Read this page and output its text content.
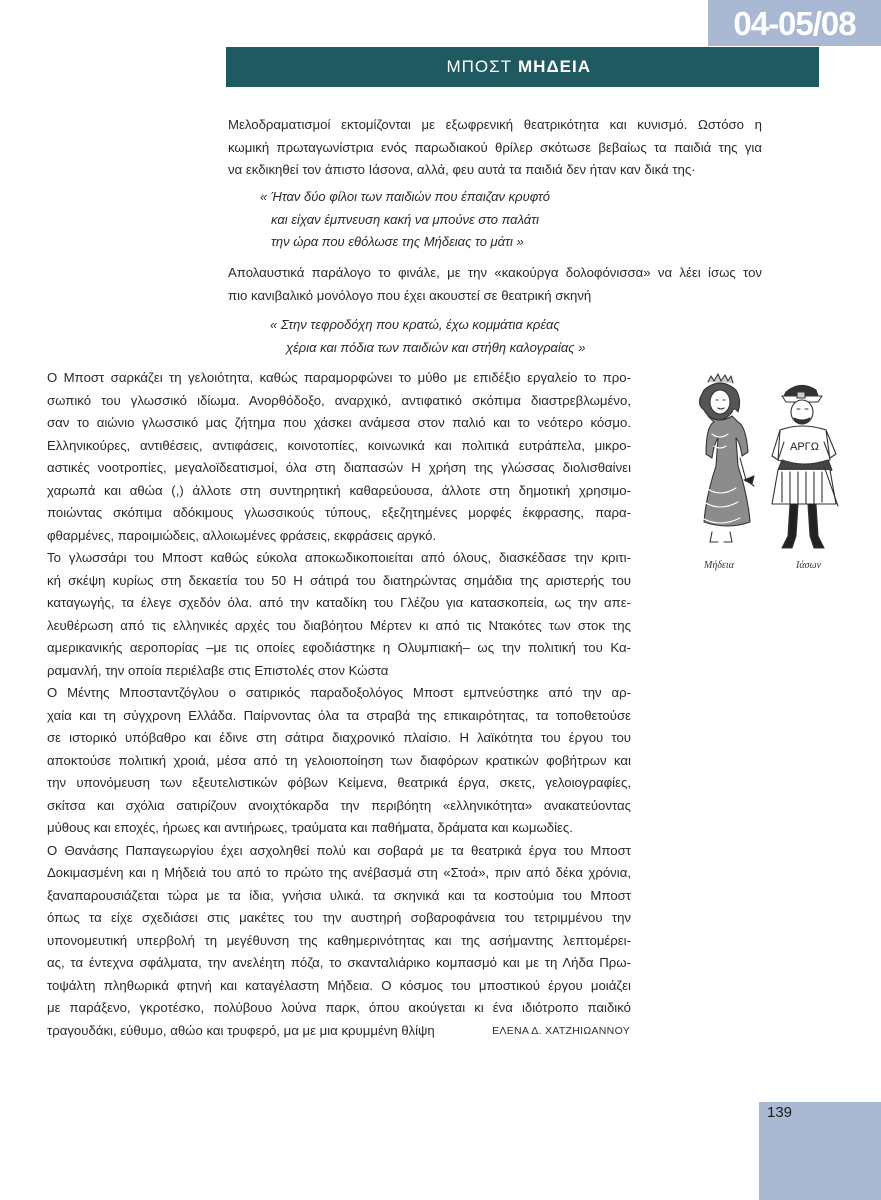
04-05/08
ΜΠΟΣΤ ΜΗΔΕΙΑ
Μελοδραματισμοί εκτομίζονται με εξωφρενική θεατρικότητα και κυνισμό. Ωστόσο η
κωμική πρωταγωνίστρια ενός παρωδιακού θρίλερ σκότωσε βεβαίως τα παιδιά της για
να εκδικηθεί τον άπιστο Ιάσονα, αλλά, φευ αυτά τα παιδιά δεν ήταν καν δικά της·
« Ήταν δύο φίλοι των παιδιών που έπαιζαν κρυφτό
και είχαν έμπνευση κακή να μπούνε στο παλάτι
την ώρα που εθόλωσε της Μήδειας το μάτι »
Απολαυστικά παράλογο το φινάλε, με την «κακούργα δολοφόνισσα» να λέει ίσως τον
πιο κανιβαλικό μονόλογο που έχει ακουστεί σε θεατρική σκηνή
« Στην τεφροδόχη που κρατώ, έχω κομμάτια κρέας
χέρια και πόδια των παιδιών και στήθη καλογραίας »
Ο Μποστ σαρκάζει τη γελοιότητα, καθώς παραμορφώνει το μύθο με επιδέξιο εργαλείο το προ-
σωπικό του γλωσσικό ιδίωμα. Ανορθόδοξο, αναρχικό, αντιφατικό σκόπιμα διαστρεβλωμένο,
σαν το αιώνιο γλωσσικό μας ζήτημα που χάσκει ανάμεσα στον παλιό και το νεότερο κόσμο.
Ελληνικούρες, αντιθέσεις, αντιφάσεις, κοινοτοπίες, κοινωνικά και πολιτικά ευτράπελα, μικρο-
αστικές νοοτροπίες, μεγαλοϊδεατισμοί, όλα στη διαπασών Η χρήση της γλώσσας διολισθαίνει
χαρωπά και αθώα (,) άλλοτε στη συντηρητική καθαρεύουσα, άλλοτε στη δημοτική χρησιμο-
ποιώντας σκόπιμα αδόκιμους γλωσσικούς τύπους, εξεζητημένες μορφές έκφρασης, παρα-
φθαρμένες, παροιμιώδεις, αλλοιωμένες φράσεις, εκφράσεις αργκό.
Το γλωσσάρι του Μποστ καθώς εύκολα αποκωδικοποιείται από όλους, διασκέδασε την κριτι-
κή σκέψη κυρίως στη δεκαετία του 50 Η σάτιρά του διατηρώντας σημάδια της αριστερής του
καταγωγής, τα έλεγε σχεδόν όλα. από την καταδίκη του Γλέζου για κατασκοπεία, ως την απε-
λευθέρωση από τις ελληνικές αρχές του διαβόητου Μέρτεν κι από τις Ντακότες των στοκ της
αμερικανικής αεροπορίας –με τις οποίες εφοδιάστηκε η Ολυμπιακή– ως την πολιτική του Κα-
ραμανλή, την οποία περιέλαβε στις Επιστολές στον Κώστα
Ο Μέντης Μποσταντζόγλου ο σατιρικός παραδοξολόγος Μποστ εμπνεύστηκε από την αρ-
χαία και τη σύγχρονη Ελλάδα. Παίρνοντας όλα τα στραβά της επικαιρότητας, τα τοποθετούσε
σε ιστορικό υπόβαθρο και έδινε στη σάτιρα διαχρονικό πλαίσιο. Η λαϊκότητα του έργου του
αποκτούσε πολιτική χροιά, μέσα από τη γελοιοποίηση των διαφόρων κρατικών φοβήτρων και
την υπονόμευση των εξευτελιστικών φόβων Κείμενα, θεατρικά έργα, σκετς, γελοιογραφίες,
σκίτσα και σχόλια σατιρίζουν ανοιχτόκαρδα την περιβόητη «ελληνικότητα» ανακατεύοντας
μύθους και εποχές, ήρωες και αντιήρωες, τραύματα και παθήματα, δράματα και κωμωδίες.
Ο Θανάσης Παπαγεωργίου έχει ασχοληθεί πολύ και σοβαρά με τα θεατρικά έργα του Μποστ
Δοκιμασμένη και η Μήδειά του από το πρώτο της ανέβασμά στη «Στοά», πριν από δέκα χρόνια,
ξαναπαρουσιάζεται τώρα με τα ίδια, γνήσια υλικά. τα σκηνικά και τα κοστούμια του Μποστ
όπως τα είχε σχεδιάσει στις μακέτες του την αυστηρή σοβαροφάνεια του τετριμμένου την
υπονομευτική υπερβολή τη μεγέθυνση της καθημερινότητας και της ασήμαντης λεπτομέρει-
ας, τα έντεχνα σφάλματα, την ανελέητη πόζα, το σκανταλιάρικο κομπασμό και με τη Λήδα Πρω-
τοψάλτη πληθωρικά φτηνή και καταγέλαστη Μήδεια. Ο κόσμος του μποστικού έργου μοιάζει
με παράξενο, γκροτέσκο, πολύβουο λούνα παρκ, όπου ακούγεται κι ένα ιδιότροπο παιδικό
τραγουδάκι, εύθυμο, αθώο και τρυφερό, μα με μια κρυμμένη θλίψη	ΕΛΕΝΑ Δ. ΧΑΤΖΗΙΩΑΝΝΟΥ
ΑΡΓΩ
Μήδεια	Ιάσων
139
